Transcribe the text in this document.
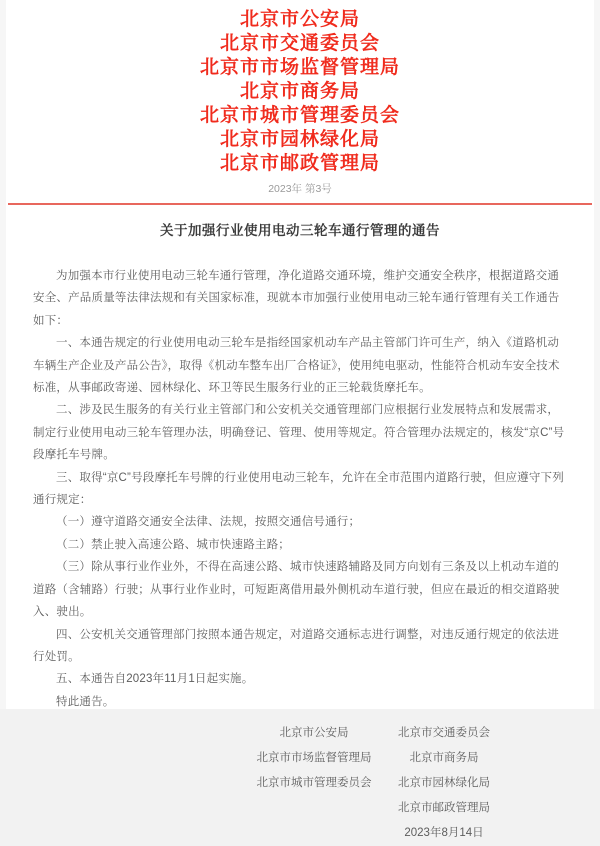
北京市公安局
北京市交通委员会
北京市市场监督管理局
北京市商务局
北京市城市管理委员会
北京市园林绿化局
北京市邮政管理局
2023年 第3号
关于加强行业使用电动三轮车通行管理的通告

为加强本市行业使用电动三轮车通行管理，净化道路交通环境，维护交通安全秩序，根据道路交通安全、产品质量等法律法规和有关国家标准，现就本市加强行业使用电动三轮车通行管理有关工作通告如下：

一、本通告规定的行业使用电动三轮车是指经国家机动车产品主管部门许可生产，纳入《道路机动车辆生产企业及产品公告》，取得《机动车整车出厂合格证》，使用纯电驱动，性能符合机动车安全技术标准，从事邮政寄递、园林绿化、环卫等民生服务行业的正三轮载货摩托车。

二、涉及民生服务的有关行业主管部门和公安机关交通管理部门应根据行业发展特点和发展需求，制定行业使用电动三轮车管理办法，明确登记、管理、使用等规定。符合管理办法规定的，核发“京C”号段摩托车号牌。

三、取得“京C”号段摩托车号牌的行业使用电动三轮车，允许在全市范围内道路行驶，但应遵守下列通行规定：

（一）遵守道路交通安全法律、法规，按照交通信号通行；

（二）禁止驶入高速公路、城市快速路主路；

（三）除从事行业作业外，不得在高速公路、城市快速路辅路及同方向划有三条及以上机动车道的道路（含辅路）行驶；从事行业作业时，可短距离借用最外侧机动车道行驶，但应在最近的相交道路驶入、驶出。

四、公安机关交通管理部门按照本通告规定，对道路交通标志进行调整，对违反通行规定的依法进行处罚。

五、本通告自2023年11月1日起实施。

特此通告。

北京市公安局	北京市交通委员会
北京市市场监督管理局	北京市商务局
北京市城市管理委员会	北京市园林绿化局
北京市邮政管理局
2023年8月14日
